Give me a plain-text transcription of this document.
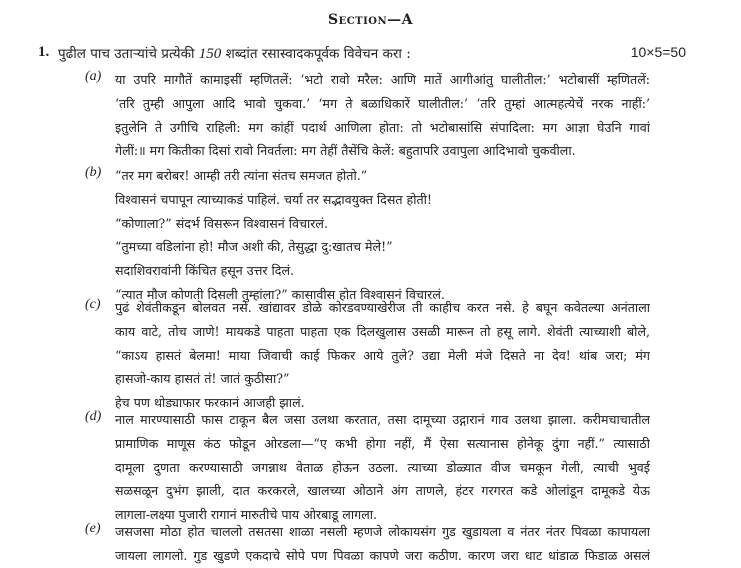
Section—A
1. पुढील पाच उताऱ्यांचे प्रत्येकी 150 शब्दांत रसास्वादकपूर्वक विवेचन करा :	10×5=50
(a) या उपरि मागौतें कामाइसीं म्हणितलें: ‘भटो रावो मरैल: आणि मातें आगीआंतु घालीतील:’ भटोबासीं म्हणितलें:
‘तरि तुम्ही आपुला आदि भावो चुकवा.’ ‘मग ते बळाधिकारें घालीतील:’ ‘तरि तुम्हां आत्महत्येचें नरक नाहीं:’
इतुलेनि ते उगीचि राहिली: मग कांहीं पदार्थ आणिला होता: तो भटोबासांसि संपादिला: मग आज्ञा घेउनि गावां
गेलीं:॥ मग कितीका दिसां रावो निवर्तला: मग तेहीं तैसेंचि केलें: बहुतापरि उवापुला आदिभावो चुकवीला.
(b) “तर मग बरोबर! आम्ही तरी त्यांना संतच समजत होतो.”
विश्वासनं चपापून त्याच्याकडं पाहिलं. चर्या तर सद्भावयुक्त दिसत होती!
“कोणाला?” संदर्भ विसरून विश्वासनं विचारलं.
“तुमच्या वडिलांना हो! मौज अशी की, तेसुद्धा दु:खातच मेले!”
सदाशिवरावांनी किंचित हसून उत्तर दिलं.
“त्यात मौज कोणती दिसली तुम्हांला?” कासावीस होत विश्वासनं विचारलं.
(c) पुढं शेवंतीकडून बोलवत नसे. खांद्यावर डोळे कोरडवण्याखेरीज ती काहीच करत नसे. हे बघून कवेतल्या अनंताला
काय वाटे, तोच जाणे! मायकडे पाहता पाहता एक दिलखुलास उसळी मारून तो हसू लागे. शेवंती त्याच्याशी बोले,
“काऽय हासतं बेलमा! माया जिवाची काई फिकर आये तुले? उद्या मेली मंजे दिसते ना देव! थांब जरा; मंग
हासजो-काय हासतं तं! जातं कुठीसा?”
हेच पण थोड्याफार फरकानं आजही झालं.
(d) नाल मारण्यासाठी फास टाकून बैल जसा उलथा करतात, तसा दामूच्या उद्गारानं गाव उलथा झाला. करीमचाचातील
प्रामाणिक माणूस कंठ फोडून ओरडला—“ए कभी होगा नहीं, मैं ऐसा सत्यानास होनेकू दुंगा नहीं.” त्यासाठी
दामूला दुणता करण्यासाठी जगन्नाथ वेताळ होऊन उठला. त्याच्या डोळ्यात वीज चमकून गेली, त्याची भुवई
सळसळून दुभंग झाली, दात करकरले, खालच्या ओठाने अंग ताणले, हंटर गरगरत कडे ओलांडून दामूकडे येऊ
लागला-लक्ष्या पुजारी रागानं मारुतीचे पाय ओरबाडू लागला.
(e) जसजसा मोठा होत चाललो तसतसा शाळा नसली म्हणजे लोकायसंग गुड खुडायला व नंतर नंतर पिवळा कापायला
जायला लागलो. गुड खुडणे एकदाचे सोपे पण पिवळा कापणे जरा कठीण. कारण जरा धाट धांडाळ फिडाळ असलं
